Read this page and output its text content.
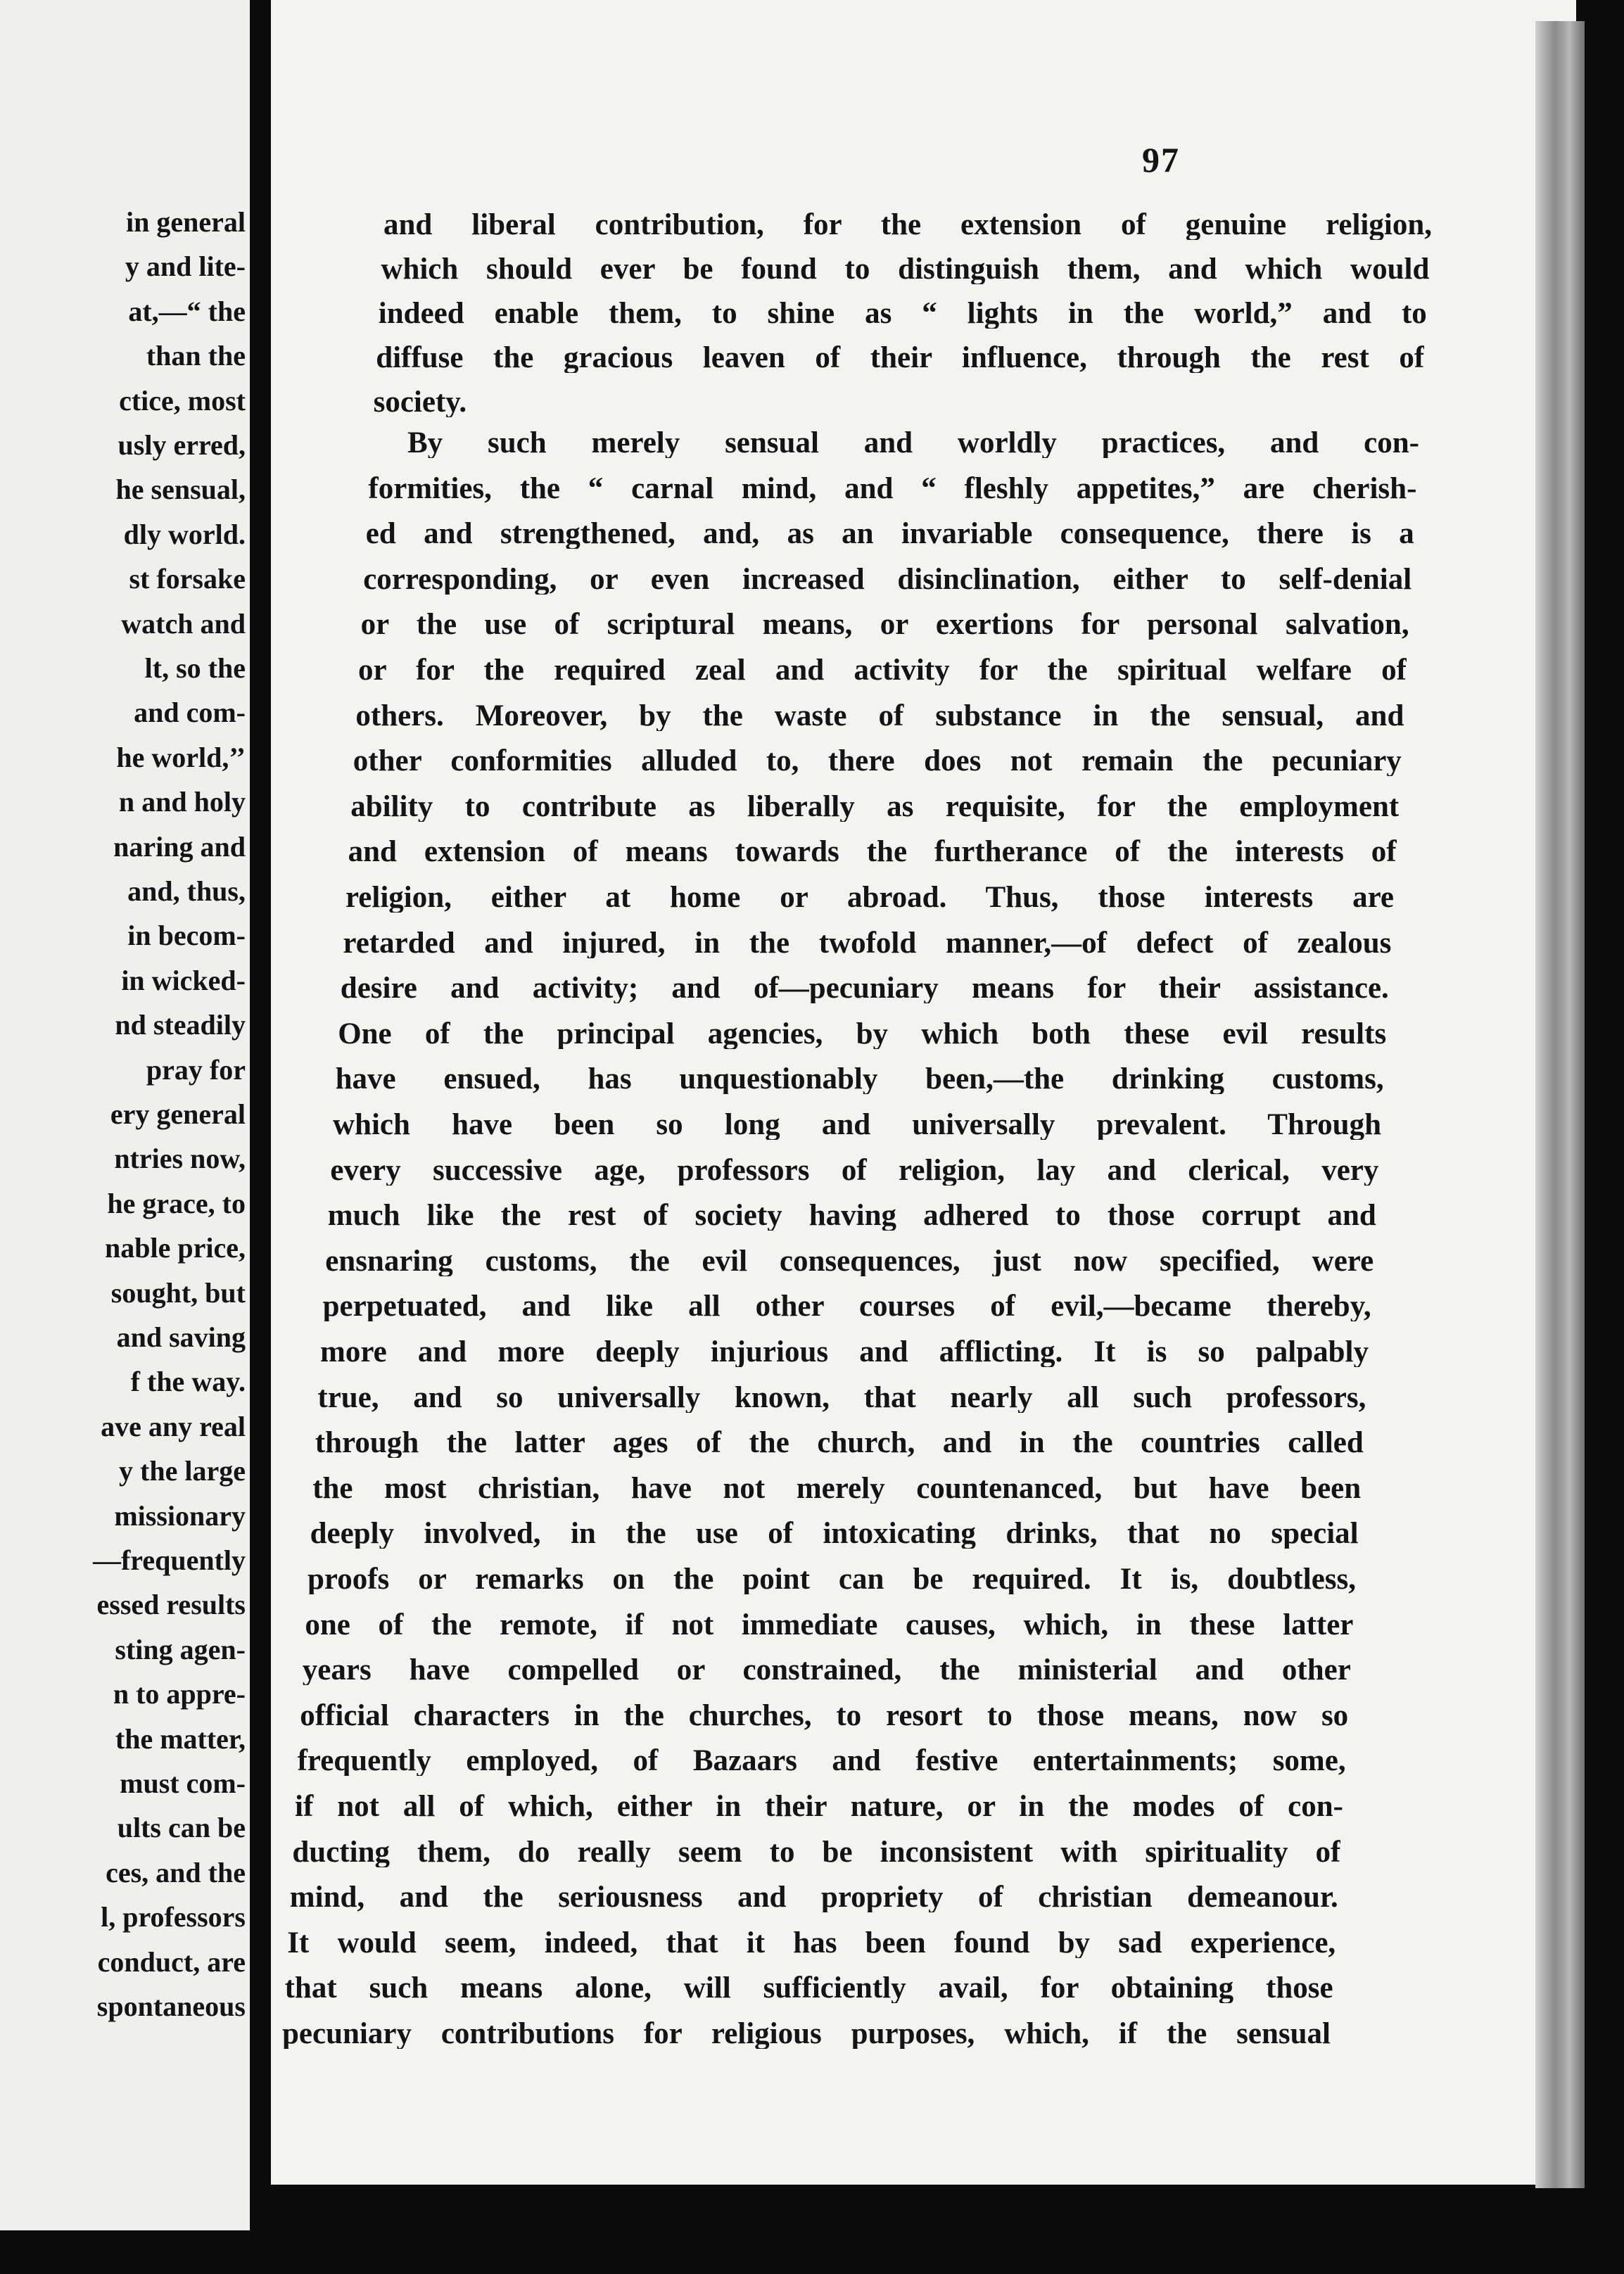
in general
y and lite-
at,—“ the
than the
ctice, most
usly erred,
he sensual,
dly world.
st forsake
watch and
lt, so the
and com-
he world,’’
n and holy
naring and
and, thus,
in becom-
in wicked-
nd steadily
pray for
ery general
ntries now,
he grace, to
nable price,
sought, but
and saving
f the way.
ave any real
y the large
missionary
—frequently
essed results
sting agen-
n to appre-
the matter,
must com-
ults can be
ces, and the
l, professors
conduct, are
spontaneous
97
and liberal contribution, for the extension of genuine religion,
which should ever be found to distinguish them, and which would
indeed enable them, to shine as “ lights in the world,” and to
diffuse the gracious leaven of their influence, through the rest of
society.
By such merely sensual and worldly practices, and con-
formities, the “ carnal mind, and “ fleshly appetites,” are cherish-
ed and strengthened, and, as an invariable consequence, there is a
corresponding, or even increased disinclination, either to self-denial
or the use of scriptural means, or exertions for personal salvation,
or for the required zeal and activity for the spiritual welfare of
others. Moreover, by the waste of substance in the sensual, and
other conformities alluded to, there does not remain the pecuniary
ability to contribute as liberally as requisite, for the employment
and extension of means towards the furtherance of the interests of
religion, either at home or abroad. Thus, those interests are
retarded and injured, in the twofold manner,—of defect of zealous
desire and activity; and of—pecuniary means for their assistance.
One of the principal agencies, by which both these evil results
have ensued, has unquestionably been,—the drinking customs,
which have been so long and universally prevalent. Through
every successive age, professors of religion, lay and clerical, very
much like the rest of society having adhered to those corrupt and
ensnaring customs, the evil consequences, just now specified, were
perpetuated, and like all other courses of evil,—became thereby,
more and more deeply injurious and afflicting. It is so palpably
true, and so universally known, that nearly all such professors,
through the latter ages of the church, and in the countries called
the most christian, have not merely countenanced, but have been
deeply involved, in the use of intoxicating drinks, that no special
proofs or remarks on the point can be required. It is, doubtless,
one of the remote, if not immediate causes, which, in these latter
years have compelled or constrained, the ministerial and other
official characters in the churches, to resort to those means, now so
frequently employed, of Bazaars and festive entertainments; some,
if not all of which, either in their nature, or in the modes of con-
ducting them, do really seem to be inconsistent with spirituality of
mind, and the seriousness and propriety of christian demeanour.
It would seem, indeed, that it has been found by sad experience,
that such means alone, will sufficiently avail, for obtaining those
pecuniary contributions for religious purposes, which, if the sensual
